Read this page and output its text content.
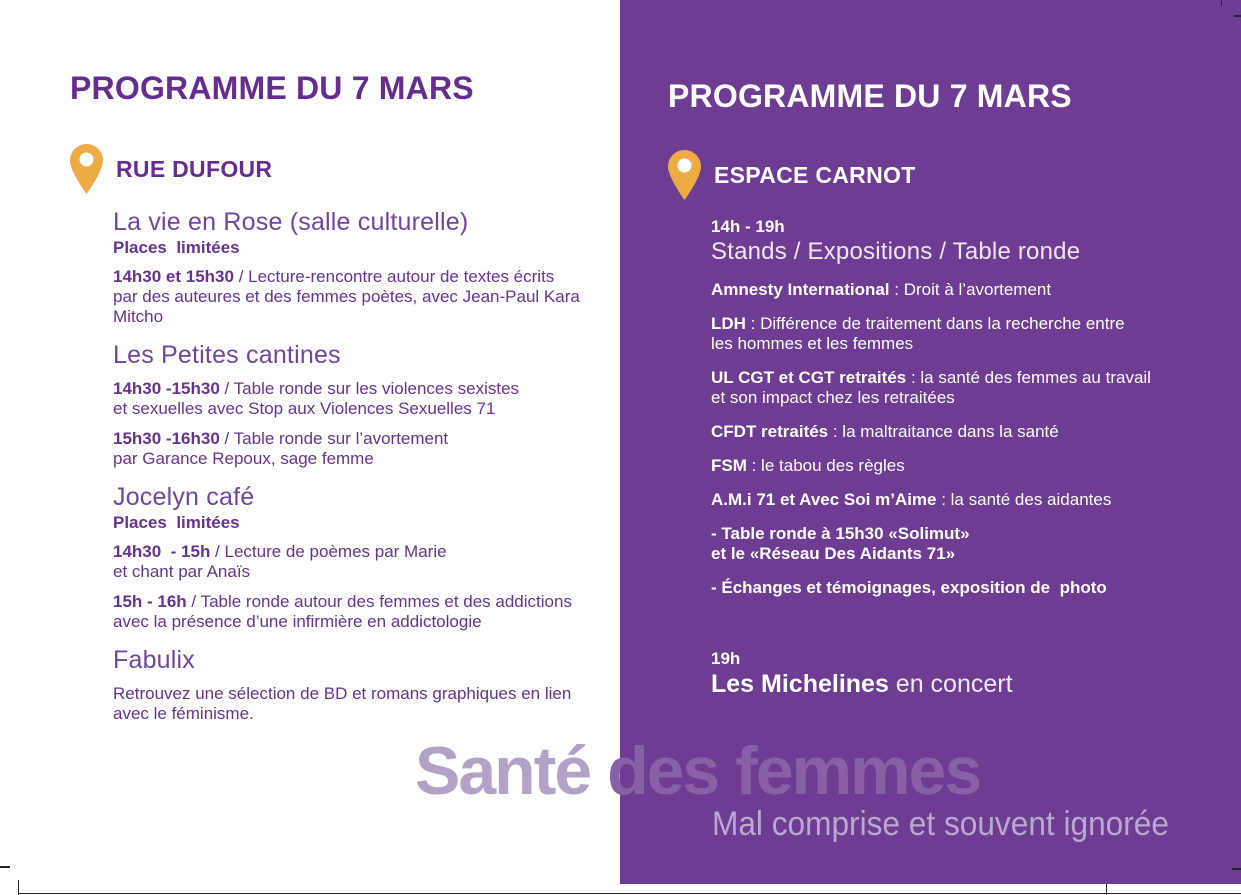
PROGRAMME DU 7 MARS
RUE DUFOUR
La vie en Rose (salle culturelle)

Places  limitées

14h30 et 15h30 / Lecture-rencontre autour de textes écrits
par des auteures et des femmes poètes, avec Jean-Paul Kara
Mitcho

Les Petites cantines

14h30 -15h30 / Table ronde sur les violences sexistes
et sexuelles avec Stop aux Violences Sexuelles 71

15h30 -16h30 / Table ronde sur l’avortement
par Garance Repoux, sage femme

Jocelyn café

Places  limitées

14h30  - 15h / Lecture de poèmes par Marie
et chant par Anaïs

15h - 16h / Table ronde autour des femmes et des addictions
avec la présence d’une infirmière en addictologie

Fabulix

Retrouvez une sélection de BD et romans graphiques en lien
avec le féminisme.

PROGRAMME DU 7 MARS
ESPACE CARNOT

14h - 19h

Stands / Expositions / Table ronde

Amnesty International : Droit à l’avortement

LDH : Différence de traitement dans la recherche entre
les hommes et les femmes

UL CGT et CGT retraités : la santé des femmes au travail
et son impact chez les retraitées

CFDT retraités : la maltraitance dans la santé

FSM : le tabou des règles

A.M.i 71 et Avec Soi m’Aime : la santé des aidantes

- Table ronde à 15h30 «Solimut»
et le «Réseau Des Aidants 71»

- Échanges et témoignages, exposition de  photo

19h

Les Michelines en concert

Santé des femmes
Mal comprise et souvent ignorée
